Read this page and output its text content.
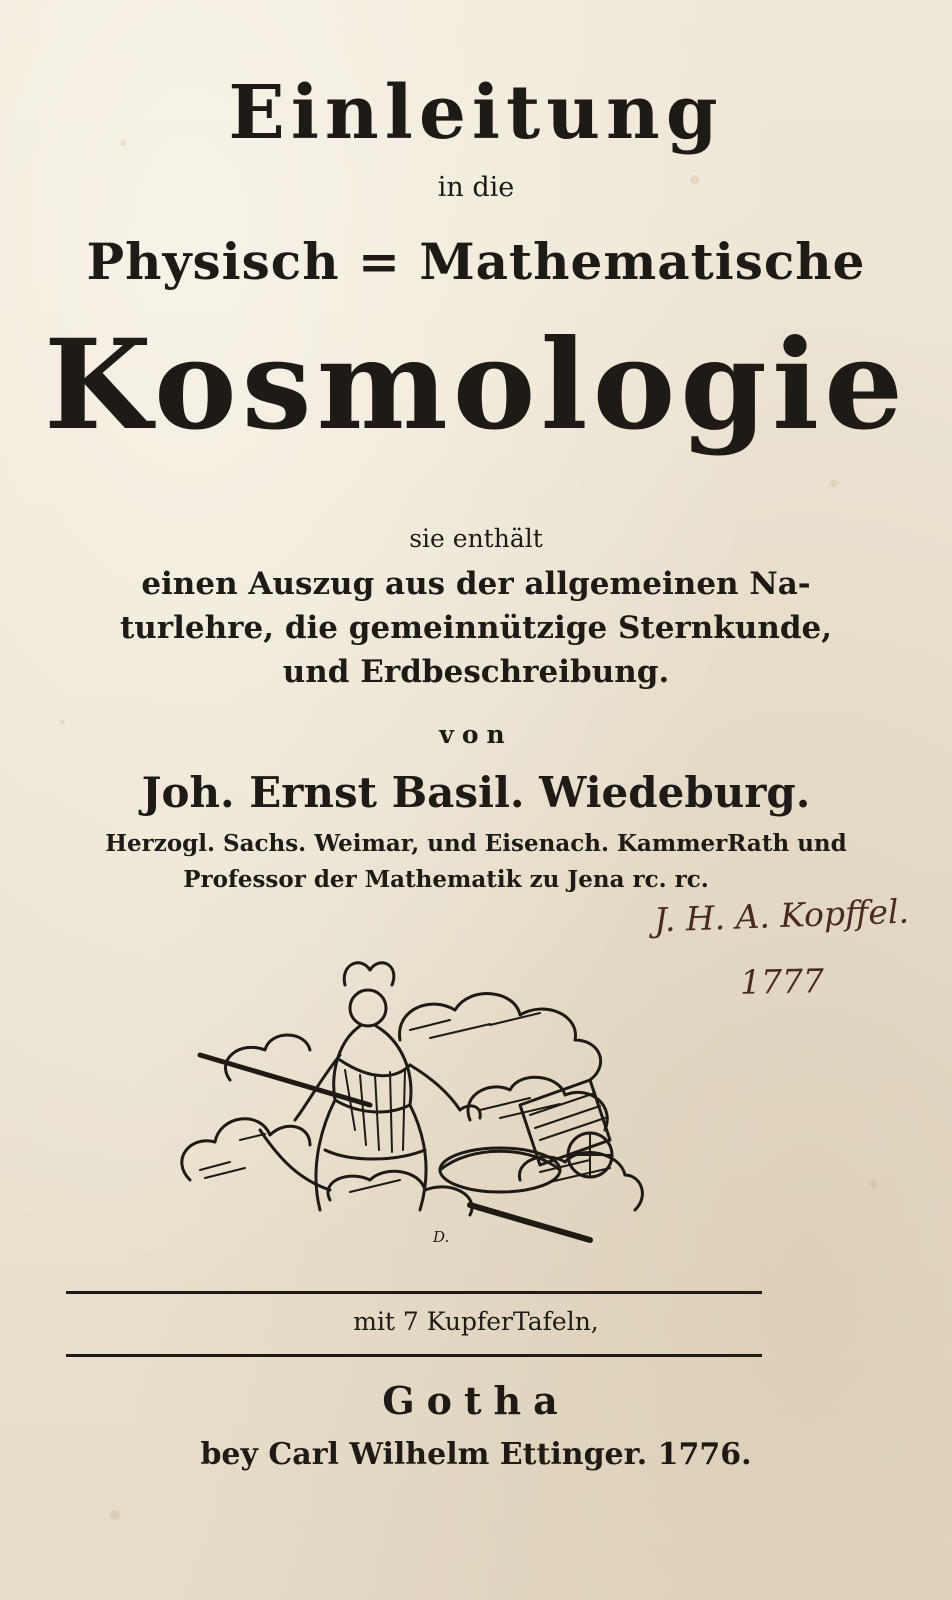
Einleitung
in die
Physisch = Mathematische
Kosmologie
sie enthält
einen Auszug aus der allgemeinen Na-
turlehre, die gemeinnützige Sternkunde,
und Erdbeschreibung.
von
Joh. Ernst Basil. Wiedeburg.
Herzogl. Sachs. Weimar, und Eisenach. KammerRath und
Professor der Mathematik zu Jena rc. rc.
J. H. A. Kopffel.
1777
D.
mit 7 KupferTafeln,
Gotha
bey Carl Wilhelm Ettinger. 1776.
